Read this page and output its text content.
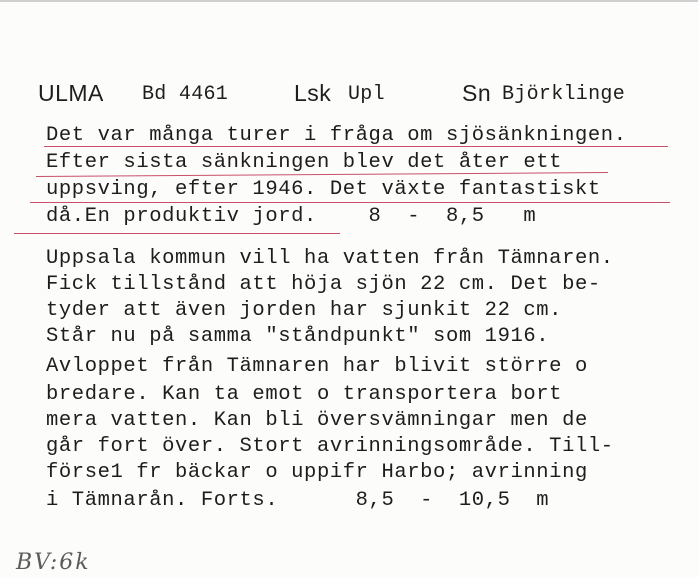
ULMA Bd 4461	Lsk Upl	Sn Björklinge
Det var många turer i fråga om sjösänkningen.
Efter sista sänkningen blev det åter ett
uppsving, efter 1946. Det växte fantastiskt
då.En produktiv jord.    8  -  8,5   m
Uppsala kommun vill ha vatten från Tämnaren.
Fick tillstånd att höja sjön 22 cm. Det be-
tyder att även jorden har sjunkit 22 cm.
Står nu på samma "ståndpunkt" som 1916.
Avloppet från Tämnaren har blivit större o
bredare. Kan ta emot o transportera bort
mera vatten. Kan bli översvämningar men de
går fort över. Stort avrinningsområde. Till-
förse1 fr bäckar o uppifr Harbo; avrinning
i Tämnarån. Forts.      8,5  -  10,5  m
BV:6k
